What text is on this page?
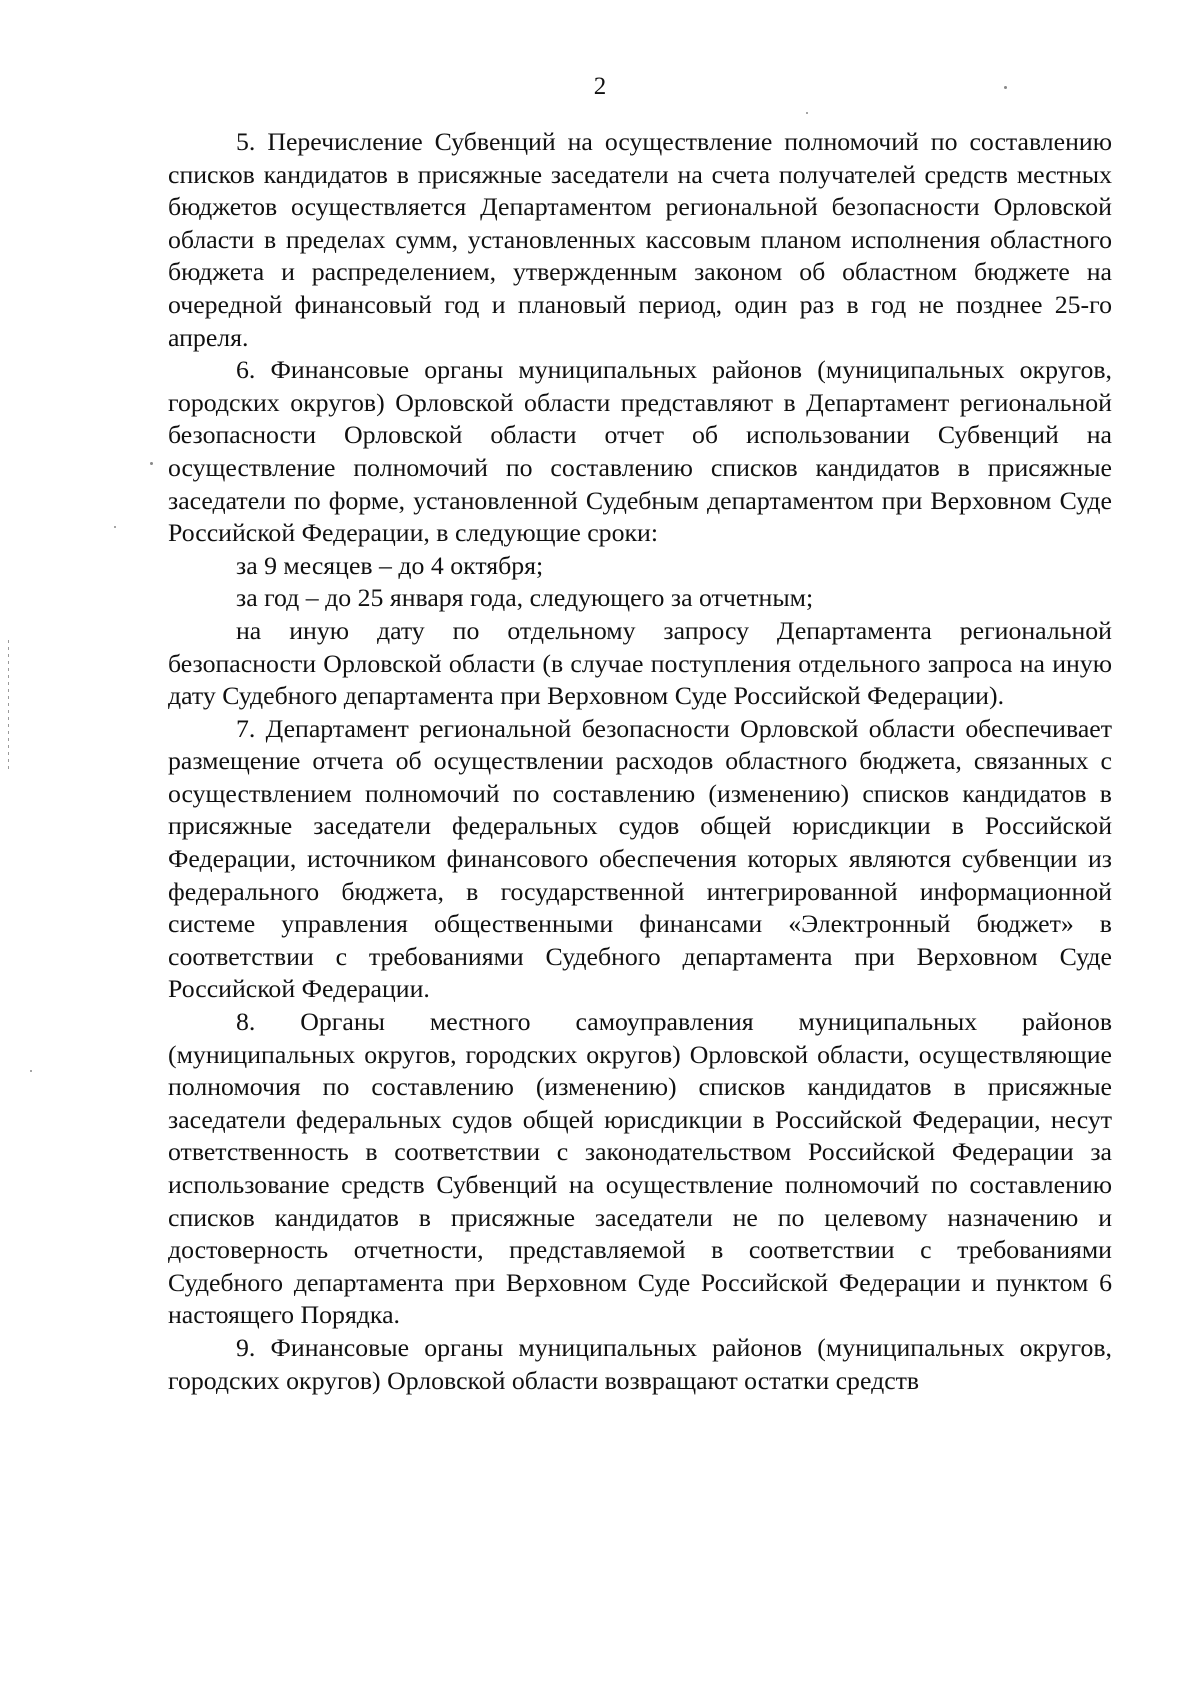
2

5. Перечисление Субвенций на осуществление полномочий по составлению списков кандидатов в присяжные заседатели на счета получателей средств местных бюджетов осуществляется Департаментом региональной безопасности Орловской области в пределах сумм, установленных кассовым планом исполнения областного бюджета и распределением, утвержденным законом об областном бюджете на очередной финансовый год и плановый период, один раз в год не позднее 25-го апреля.

6. Финансовые органы муниципальных районов (муниципальных округов, городских округов) Орловской области представляют в Департамент региональной безопасности Орловской области отчет об использовании Субвенций на осуществление полномочий по составлению списков кандидатов в присяжные заседатели по форме, установленной Судебным департаментом при Верховном Суде Российской Федерации, в следующие сроки:

за 9 месяцев – до 4 октября;

за год – до 25 января года, следующего за отчетным;

на иную дату по отдельному запросу Департамента региональной безопасности Орловской области (в случае поступления отдельного запроса на иную дату Судебного департамента при Верховном Суде Российской Федерации).

7. Департамент региональной безопасности Орловской области обеспечивает размещение отчета об осуществлении расходов областного бюджета, связанных с осуществлением полномочий по составлению (изменению) списков кандидатов в присяжные заседатели федеральных судов общей юрисдикции в Российской Федерации, источником финансового обеспечения которых являются субвенции из федерального бюджета, в государственной интегрированной информационной системе управления общественными финансами «Электронный бюджет» в соответствии с требованиями Судебного департамента при Верховном Суде Российской Федерации.

8. Органы местного самоуправления муниципальных районов (муниципальных округов, городских округов) Орловской области, осуществляющие полномочия по составлению (изменению) списков кандидатов в присяжные заседатели федеральных судов общей юрисдикции в Российской Федерации, несут ответственность в соответствии с законодательством Российской Федерации за использование средств Субвенций на осуществление полномочий по составлению списков кандидатов в присяжные заседатели не по целевому назначению и достоверность отчетности, представляемой в соответствии с требованиями Судебного департамента при Верховном Суде Российской Федерации и пунктом 6 настоящего Порядка.

9. Финансовые органы муниципальных районов (муниципальных округов, городских округов) Орловской области возвращают остатки средств
